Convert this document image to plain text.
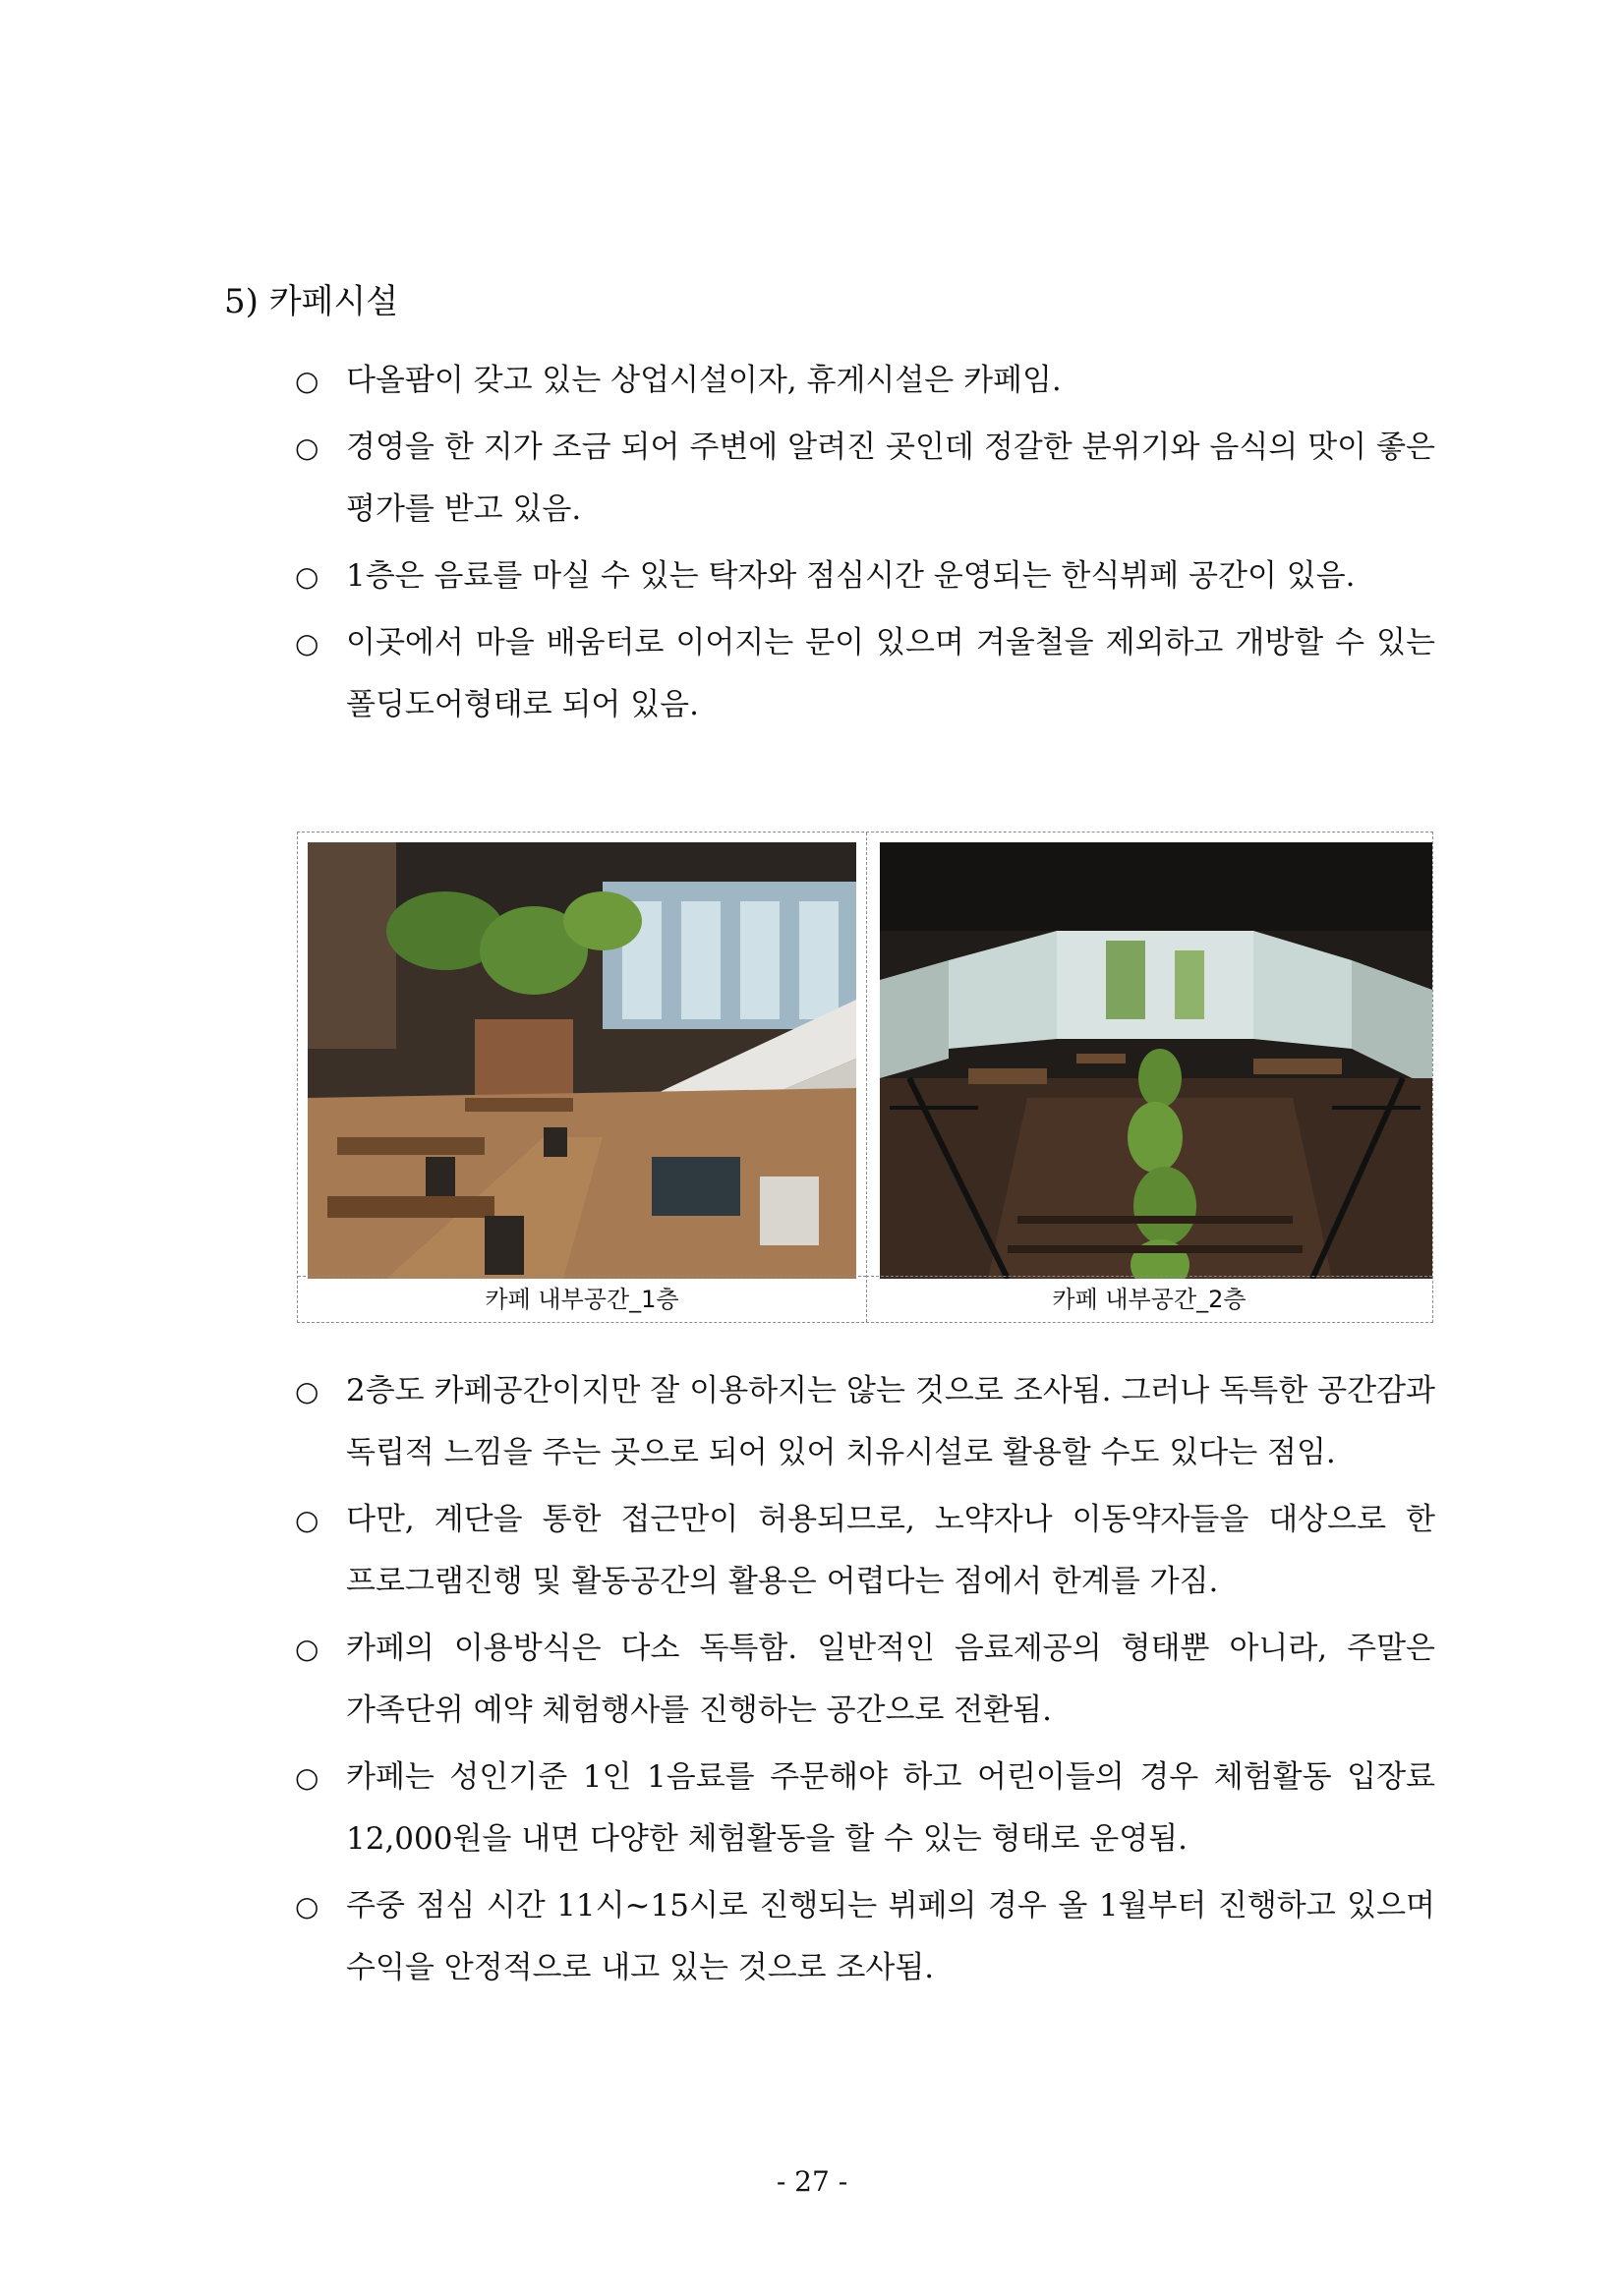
5) 카페시설
○ 다올팜이 갖고 있는 상업시설이자, 휴게시설은 카페임.
○ 경영을 한 지가 조금 되어 주변에 알려진 곳인데 정갈한 분위기와 음식의 맛이 좋은 평가를 받고 있음.
○ 1층은 음료를 마실 수 있는 탁자와 점심시간 운영되는 한식뷔페 공간이 있음.
○ 이곳에서 마을 배움터로 이어지는 문이 있으며 겨울철을 제외하고 개방할 수 있는 폴딩도어형태로 되어 있음.
카페 내부공간_1층	카페 내부공간_2층
○ 2층도 카페공간이지만 잘 이용하지는 않는 것으로 조사됨. 그러나 독특한 공간감과 독립적 느낌을 주는 곳으로 되어 있어 치유시설로 활용할 수도 있다는 점임.
○ 다만, 계단을 통한 접근만이 허용되므로, 노약자나 이동약자들을 대상으로 한 프로그램진행 및 활동공간의 활용은 어렵다는 점에서 한계를 가짐.
○ 카페의 이용방식은 다소 독특함. 일반적인 음료제공의 형태뿐 아니라, 주말은 가족단위 예약 체험행사를 진행하는 공간으로 전환됨.
○ 카페는 성인기준 1인 1음료를 주문해야 하고 어린이들의 경우 체험활동 입장료 12,000원을 내면 다양한 체험활동을 할 수 있는 형태로 운영됨.
○ 주중 점심 시간 11시~15시로 진행되는 뷔페의 경우 올 1월부터 진행하고 있으며 수익을 안정적으로 내고 있는 것으로 조사됨.
- 27 -
